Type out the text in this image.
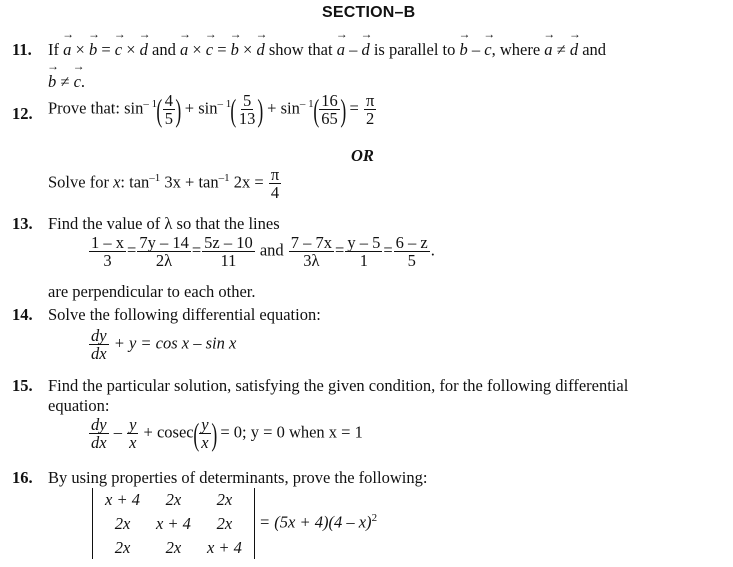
SECTION–B
11. If → a × → b = → c × → d and → a × → c = → b × → d show that → a – → d is parallel to → b – → c, where → a ≠ → d and
→ b ≠ → c.
12. Prove that: $\sin^{- 1}( \frac{4}{5}$ ) + $\sin^{- 1}( \frac{5}{13}$ ) + $\sin^{- 1}( \frac{16}{65}$ ) = $\frac{\pi}{2}$
OR
Solve for x: $\tan^{-1} 3x + \tan^{-1} 2x = \frac{\pi}{4}$
13. Find the value of λ so that the lines
$\frac{1 - x}{3} = \frac{7y - 14}{2\lambda} = \frac{5z - 10}{11}$ and $\frac{7 - 7x}{3\lambda} = \frac{y - 5}{1} = \frac{6 - z}{5}$ .
are perpendicular to each other.
14. Solve the following differential equation:
$\frac{dy}{dx} + y = \cos x - \sin x$
15. Find the particular solution, satisfying the given condition, for the following differential
equation:
$\frac{dy}{dx} - \frac{y}{x} + cosec( \frac{y}{x}$ ) = 0; y = 0 when x = 1
16. By using properties of determinants, prove the following:
x + 4	2x	2x
2x	x + 4	2x
2x	2x	x + 4
= (5x + 4)(4 – x)$^2$
